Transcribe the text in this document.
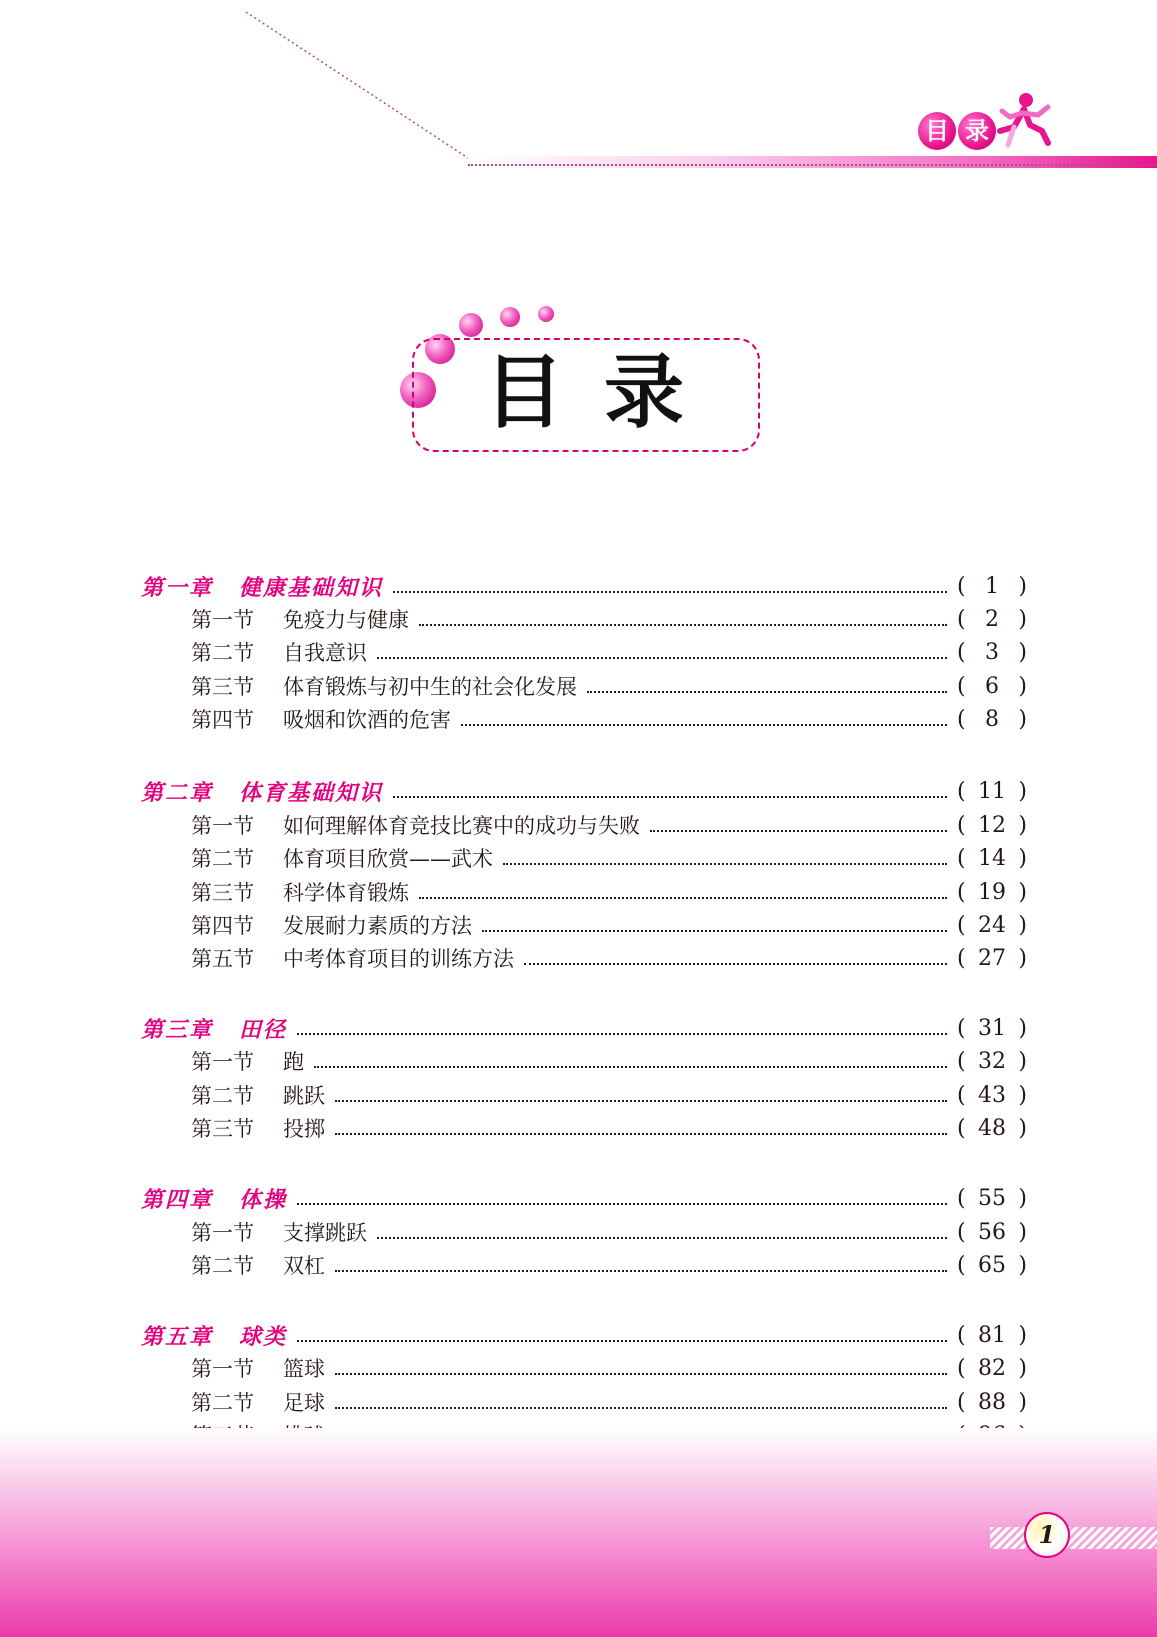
目 录
目录
第一章 健康基础知识	( 1 )
第一节 免疫力与健康	( 2 )
第二节 自我意识	( 3 )
第三节 体育锻炼与初中生的社会化发展	( 6 )
第四节 吸烟和饮酒的危害	( 8 )
第二章 体育基础知识	( 11 )
第一节 如何理解体育竞技比赛中的成功与失败	( 12 )
第二节 体育项目欣赏——武术	( 14 )
第三节 科学体育锻炼	( 19 )
第四节 发展耐力素质的方法	( 24 )
第五节 中考体育项目的训练方法	( 27 )
第三章 田径	( 31 )
第一节 跑	( 32 )
第二节 跳跃	( 43 )
第三节 投掷	( 48 )
第四章 体操	( 55 )
第一节 支撑跳跃	( 56 )
第二节 双杠	( 65 )
第五章 球类	( 81 )
第一节 篮球	( 82 )
第二节 足球	( 88 )
1
